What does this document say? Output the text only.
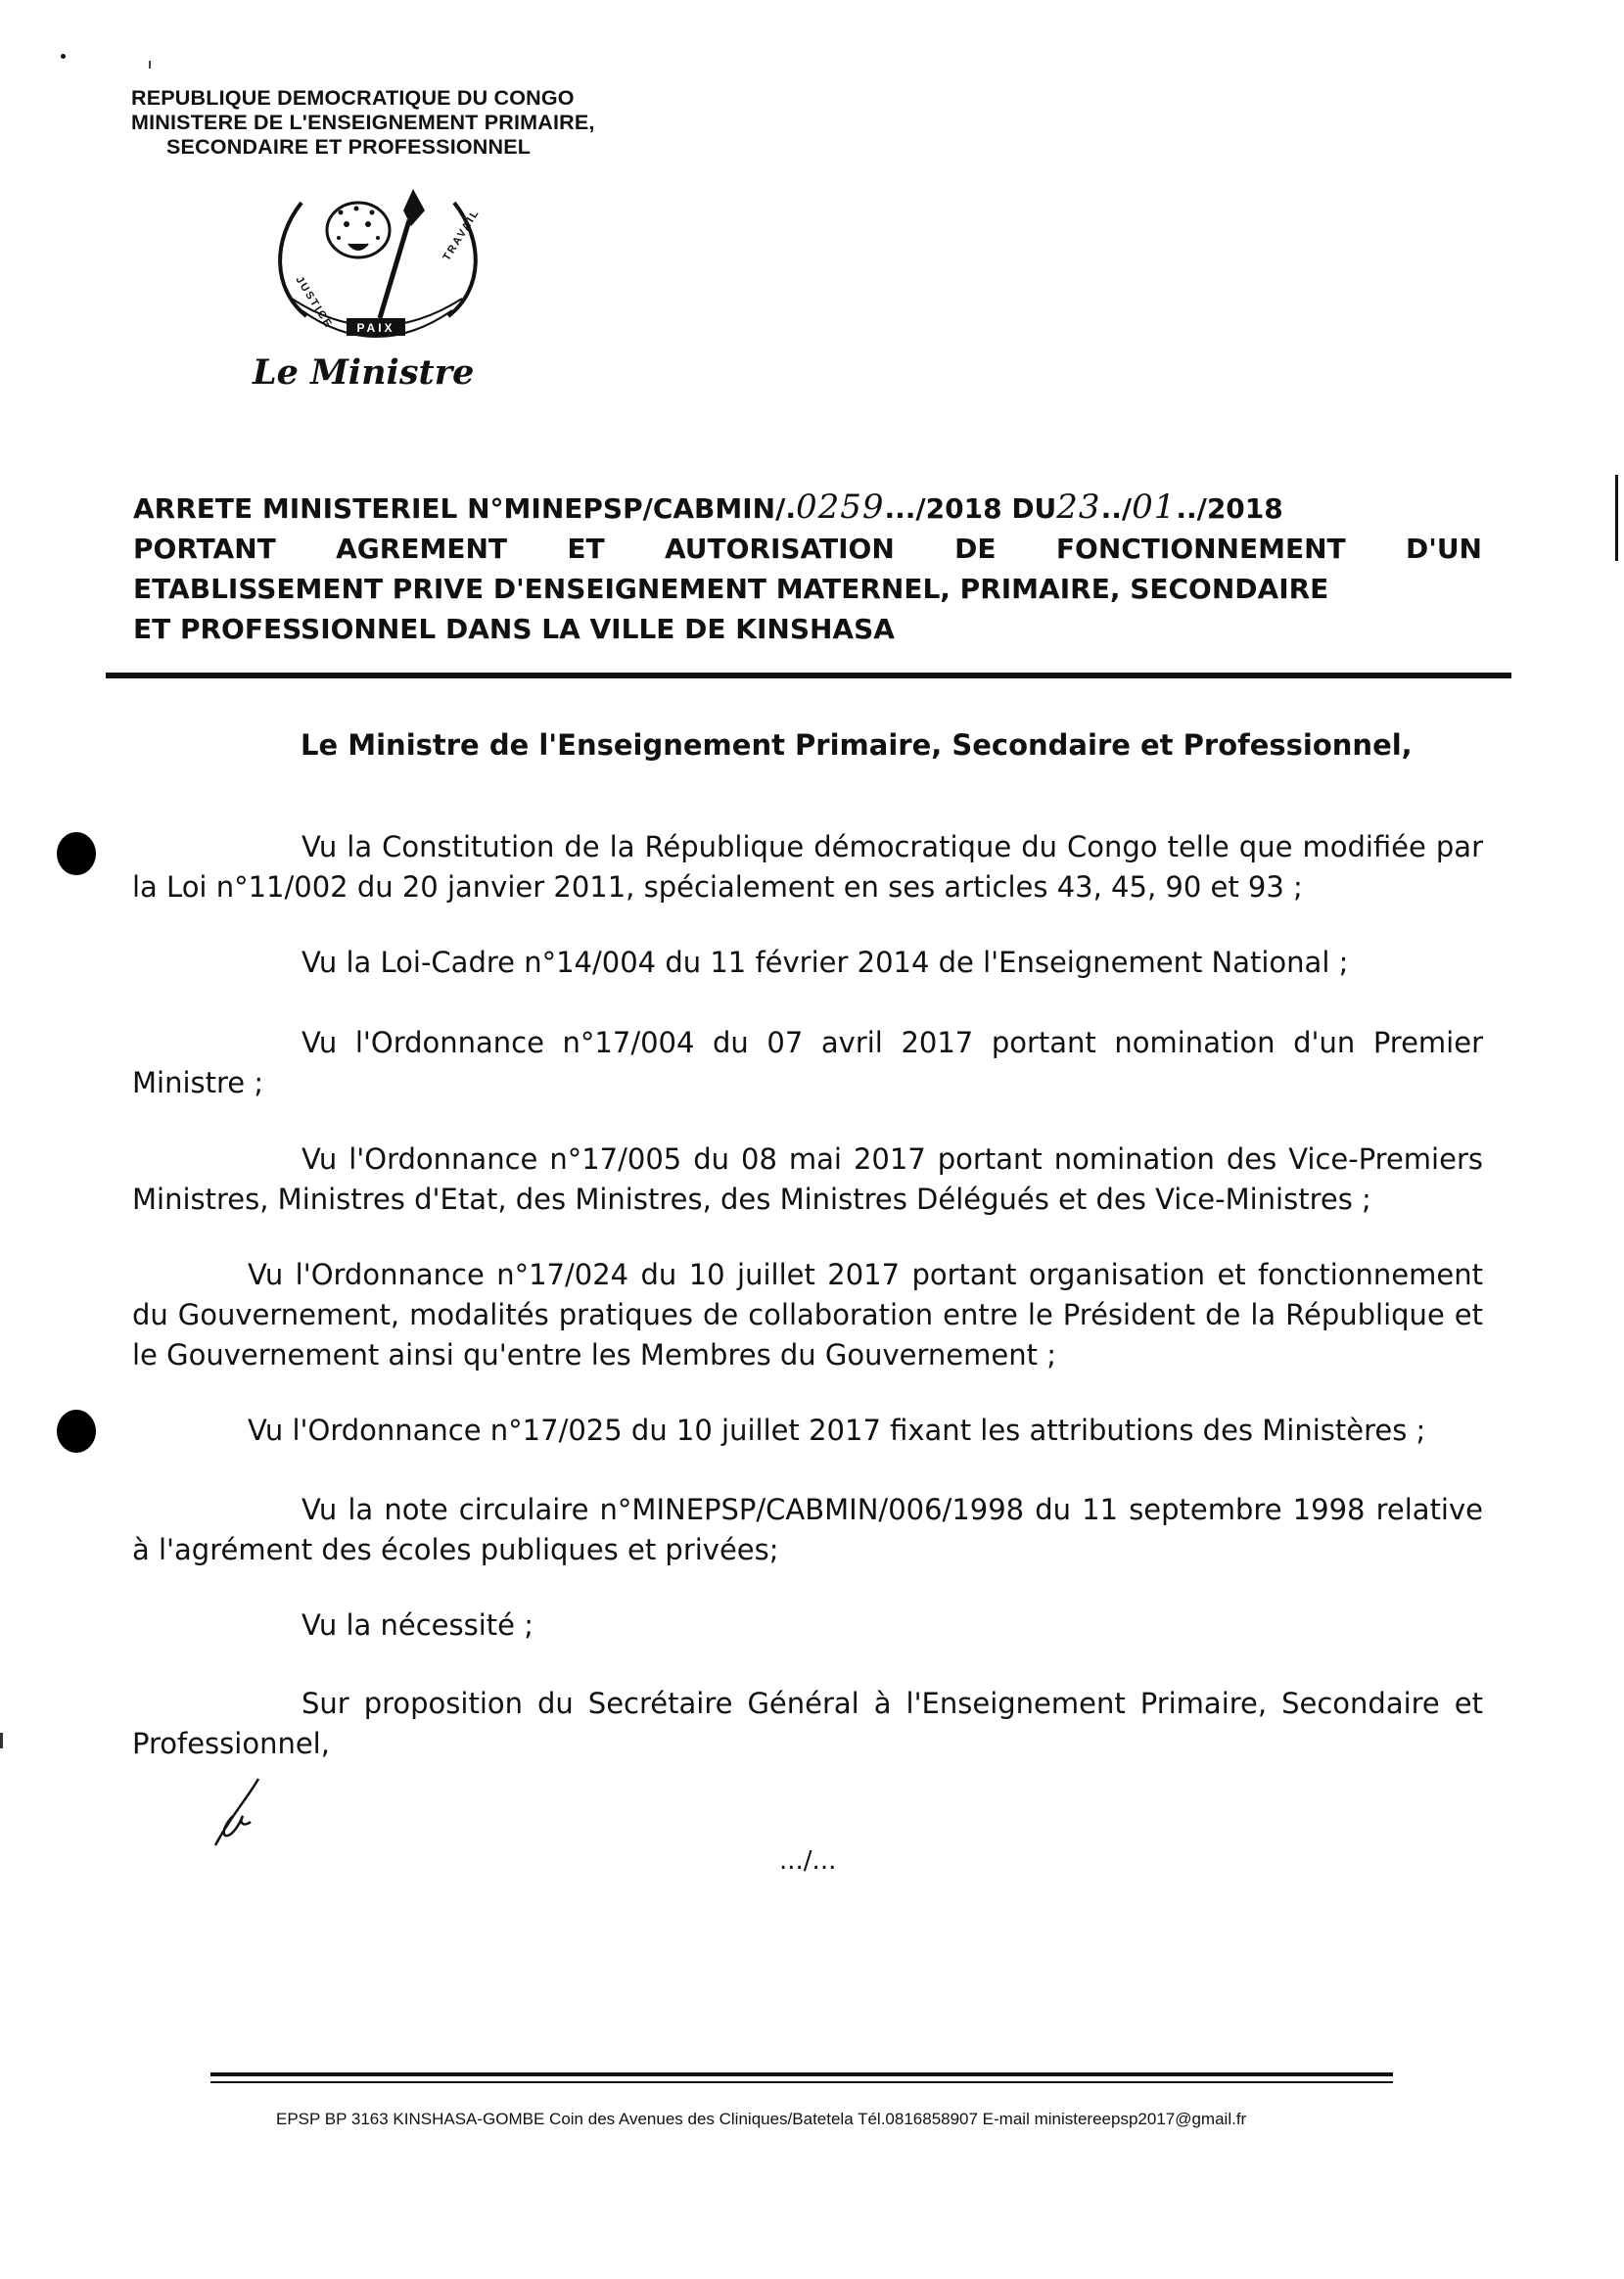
REPUBLIQUE DEMOCRATIQUE DU CONGO
MINISTERE DE L'ENSEIGNEMENT PRIMAIRE,
SECONDAIRE ET PROFESSIONNEL
PAIX
JUSTICE
TRAVAIL
Le Ministre
ARRETE MINISTERIEL N°MINEPSP/CABMIN/.0259.../2018 DU23../01../2018
PORTANT AGREMENT ET AUTORISATION DE FONCTIONNEMENT D'UN
ETABLISSEMENT PRIVE D'ENSEIGNEMENT MATERNEL, PRIMAIRE, SECONDAIRE
ET PROFESSIONNEL DANS LA VILLE DE KINSHASA
Le Ministre de l'Enseignement Primaire, Secondaire et Professionnel,
Vu la Constitution de la République démocratique du Congo telle que modifiée par la Loi n°11/002 du 20 janvier 2011, spécialement en ses articles 43, 45, 90 et 93 ;
Vu la Loi-Cadre n°14/004 du 11 février 2014 de l'Enseignement National ;
Vu l'Ordonnance n°17/004 du 07 avril 2017 portant nomination d'un Premier Ministre ;
Vu l'Ordonnance n°17/005 du 08 mai 2017 portant nomination des Vice-Premiers Ministres, Ministres d'Etat, des Ministres, des Ministres Délégués et des Vice-Ministres ;
Vu l'Ordonnance n°17/024 du 10 juillet 2017 portant organisation et fonctionnement du Gouvernement, modalités pratiques de collaboration entre le Président de la République et le Gouvernement ainsi qu'entre les Membres du Gouvernement ;
Vu l'Ordonnance n°17/025 du 10 juillet 2017 fixant les attributions des Ministères ;
Vu la note circulaire n°MINEPSP/CABMIN/006/1998 du 11 septembre 1998 relative à l'agrément des écoles publiques et privées;
Vu la nécessité ;
Sur proposition du Secrétaire Général à l'Enseignement Primaire, Secondaire et Professionnel,
.../...
EPSP BP 3163 KINSHASA-GOMBE Coin des Avenues des Cliniques/Batetela Tél.0816858907 E-mail ministereepsp2017@gmail.fr
